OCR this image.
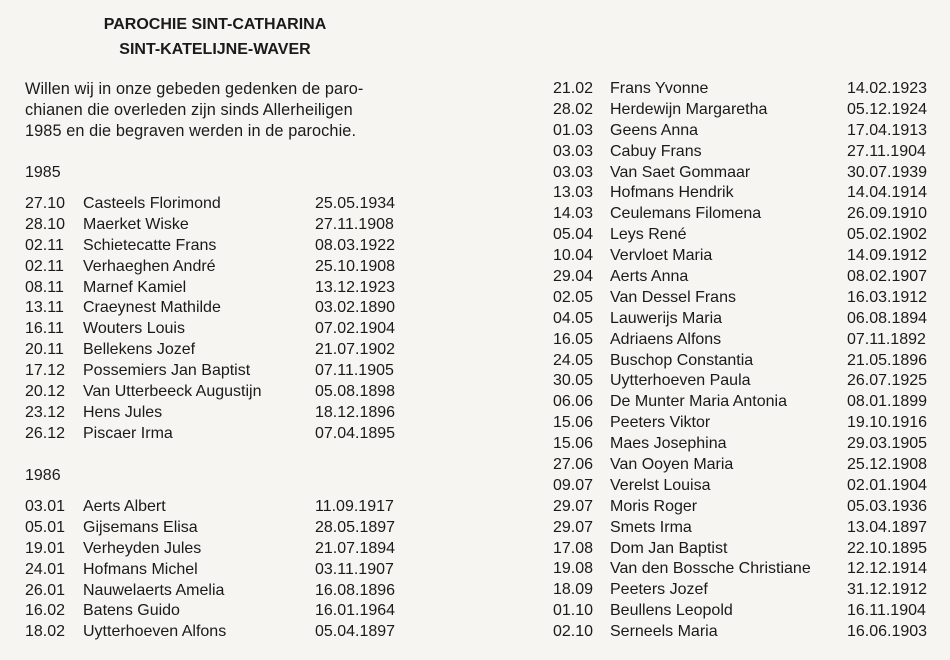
PAROCHIE SINT-CATHARINA
SINT-KATELIJNE-WAVER
Willen wij in onze gebeden gedenken de paro-
chianen die overleden zijn sinds Allerheiligen
1985 en die begraven werden in de parochie.
1985
27.10 Casteels Florimond	25.05.1934
28.10 Maerket Wiske	27.11.1908
02.11 Schietecatte Frans	08.03.1922
02.11 Verhaeghen André	25.10.1908
08.11 Marnef Kamiel	13.12.1923
13.11 Craeynest Mathilde	03.02.1890
16.11 Wouters Louis	07.02.1904
20.11 Bellekens Jozef	21.07.1902
17.12 Possemiers Jan Baptist	07.11.1905
20.12 Van Utterbeeck Augustijn	05.08.1898
23.12 Hens Jules	18.12.1896
26.12 Piscaer Irma	07.04.1895
1986
03.01 Aerts Albert	11.09.1917
05.01 Gijsemans Elisa	28.05.1897
19.01 Verheyden Jules	21.07.1894
24.01 Hofmans Michel	03.11.1907
26.01 Nauwelaerts Amelia	16.08.1896
16.02 Batens Guido	16.01.1964
18.02 Uytterhoeven Alfons	05.04.1897
21.02 Frans Yvonne	14.02.1923
28.02 Herdewijn Margaretha	05.12.1924
01.03 Geens Anna	17.04.1913
03.03 Cabuy Frans	27.11.1904
03.03 Van Saet Gommaar	30.07.1939
13.03 Hofmans Hendrik	14.04.1914
14.03 Ceulemans Filomena	26.09.1910
05.04 Leys René	05.02.1902
10.04 Vervloet Maria	14.09.1912
29.04 Aerts Anna	08.02.1907
02.05 Van Dessel Frans	16.03.1912
04.05 Lauwerijs Maria	06.08.1894
16.05 Adriaens Alfons	07.11.1892
24.05 Buschop Constantia	21.05.1896
30.05 Uytterhoeven Paula	26.07.1925
06.06 De Munter Maria Antonia	08.01.1899
15.06 Peeters Viktor	19.10.1916
15.06 Maes Josephina	29.03.1905
27.06 Van Ooyen Maria	25.12.1908
09.07 Verelst Louisa	02.01.1904
29.07 Moris Roger	05.03.1936
29.07 Smets Irma	13.04.1897
17.08 Dom Jan Baptist	22.10.1895
19.08 Van den Bossche Christiane 12.12.1914
18.09 Peeters Jozef	31.12.1912
01.10 Beullens Leopold	16.11.1904
02.10 Serneels Maria	16.06.1903
